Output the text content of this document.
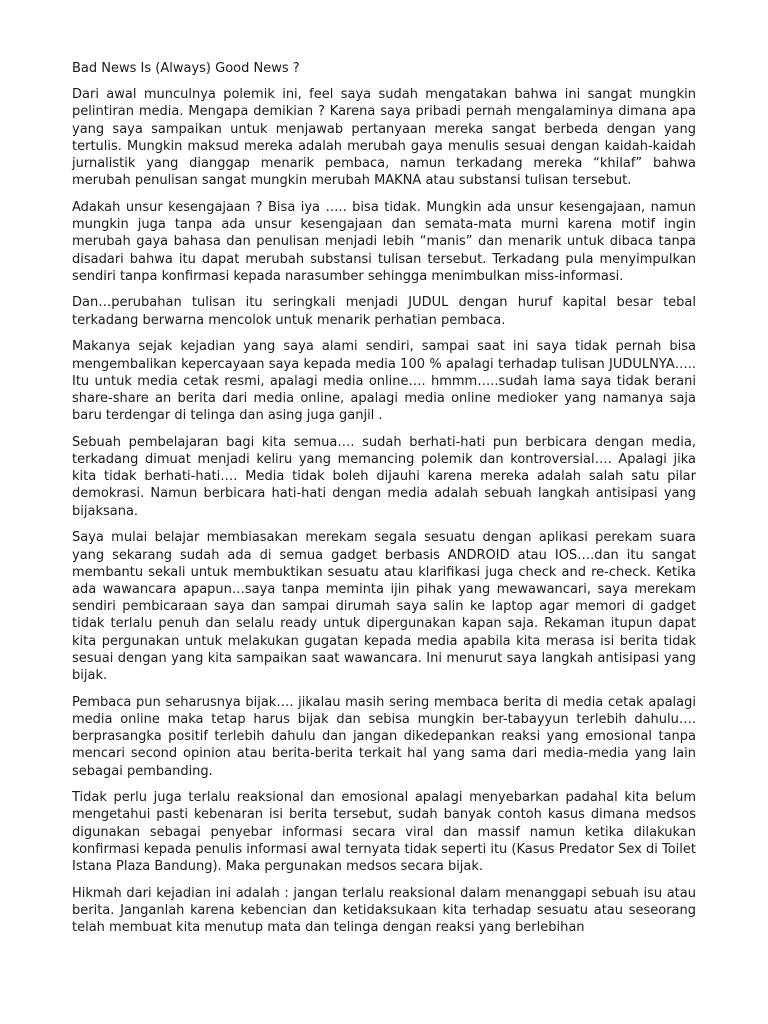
Bad News Is (Always) Good News ?

Dari awal munculnya polemik ini, feel saya sudah mengatakan bahwa ini sangat mungkin pelintiran media. Mengapa demikian ? Karena saya pribadi pernah mengalaminya dimana apa yang saya sampaikan untuk menjawab pertanyaan mereka sangat berbeda dengan yang tertulis. Mungkin maksud mereka adalah merubah gaya menulis sesuai dengan kaidah-kaidah jurnalistik yang dianggap menarik pembaca, namun terkadang mereka “khilaf” bahwa merubah penulisan sangat mungkin merubah MAKNA atau substansi tulisan tersebut.

Adakah unsur kesengajaan ? Bisa iya ….. bisa tidak. Mungkin ada unsur kesengajaan, namun mungkin juga tanpa ada unsur kesengajaan dan semata-mata murni karena motif ingin merubah gaya bahasa dan penulisan menjadi lebih “manis” dan menarik untuk dibaca tanpa disadari bahwa itu dapat merubah substansi tulisan tersebut. Terkadang pula menyimpulkan sendiri tanpa konfirmasi kepada narasumber sehingga menimbulkan miss-informasi.

Dan…perubahan tulisan itu seringkali menjadi JUDUL dengan huruf kapital besar tebal terkadang berwarna mencolok untuk menarik perhatian pembaca.

Makanya sejak kejadian yang saya alami sendiri, sampai saat ini saya tidak pernah bisa mengembalikan kepercayaan saya kepada media 100 % apalagi terhadap tulisan JUDULNYA….. Itu untuk media cetak resmi, apalagi media online…. hmmm…..sudah lama saya tidak berani share-share an berita dari media online, apalagi media online medioker yang namanya saja baru terdengar di telinga dan asing juga ganjil .

Sebuah pembelajaran bagi kita semua…. sudah berhati-hati pun berbicara dengan media, terkadang dimuat menjadi keliru yang memancing polemik dan kontroversial…. Apalagi jika kita tidak berhati-hati…. Media tidak boleh dijauhi karena mereka adalah salah satu pilar demokrasi. Namun berbicara hati-hati dengan media adalah sebuah langkah antisipasi yang bijaksana.

Saya mulai belajar membiasakan merekam segala sesuatu dengan aplikasi perekam suara yang sekarang sudah ada di semua gadget berbasis ANDROID atau IOS….dan itu sangat membantu sekali untuk membuktikan sesuatu atau klarifikasi juga check and re-check. Ketika ada wawancara apapun…saya tanpa meminta ijin pihak yang mewawancari, saya merekam sendiri pembicaraan saya dan sampai dirumah saya salin ke laptop agar memori di gadget tidak terlalu penuh dan selalu ready untuk dipergunakan kapan saja. Rekaman itupun dapat kita pergunakan untuk melakukan gugatan kepada media apabila kita merasa isi berita tidak sesuai dengan yang kita sampaikan saat wawancara. Ini menurut saya langkah antisipasi yang bijak.

Pembaca pun seharusnya bijak…. jikalau masih sering membaca berita di media cetak apalagi media online maka tetap harus bijak dan sebisa mungkin ber-tabayyun terlebih dahulu…. berprasangka positif terlebih dahulu dan jangan dikedepankan reaksi yang emosional tanpa mencari second opinion atau berita-berita terkait hal yang sama dari media-media yang lain sebagai pembanding.

Tidak perlu juga terlalu reaksional dan emosional apalagi menyebarkan padahal kita belum mengetahui pasti kebenaran isi berita tersebut, sudah banyak contoh kasus dimana medsos digunakan sebagai penyebar informasi secara viral dan massif namun ketika dilakukan konfirmasi kepada penulis informasi awal ternyata tidak seperti itu (Kasus Predator Sex di Toilet Istana Plaza Bandung). Maka pergunakan medsos secara bijak.

Hikmah dari kejadian ini adalah : jangan terlalu reaksional dalam menanggapi sebuah isu atau berita. Janganlah karena kebencian dan ketidaksukaan kita terhadap sesuatu atau seseorang telah membuat kita menutup mata dan telinga dengan reaksi yang berlebihan
